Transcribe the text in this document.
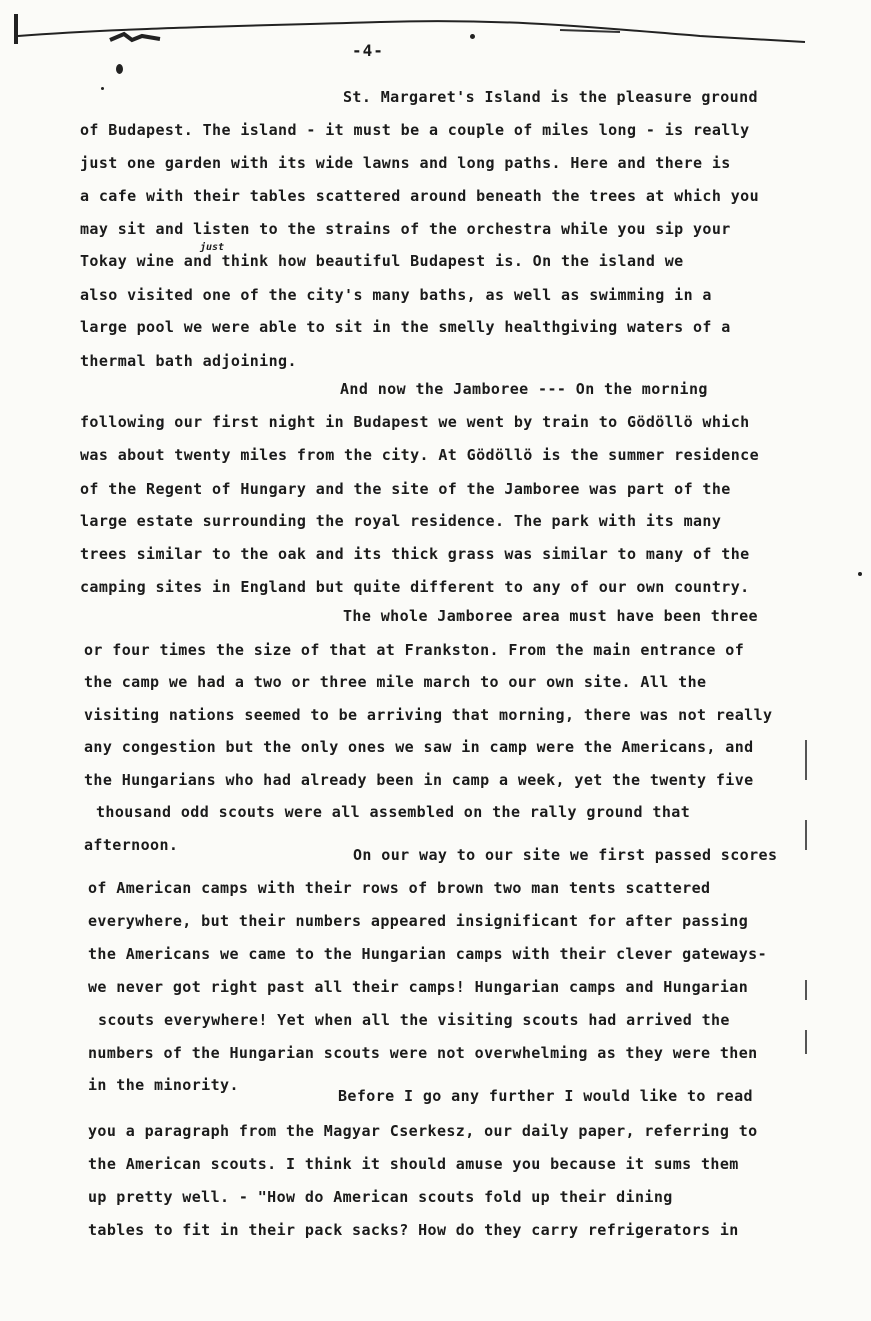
-4-
just
St. Margaret's Island is the pleasure ground
of Budapest. The island - it must be a couple of miles long - is really
just one garden with its wide lawns and long paths. Here and there is
a cafe with their tables scattered around beneath the trees at which you
may sit and listen to the strains of the orchestra while you sip your
Tokay wine and think how beautiful Budapest is. On the island we
also visited one of the city's many baths, as well as swimming in a
large pool we were able to sit in the smelly healthgiving waters of a
thermal bath adjoining.
And now the Jamboree --- On the morning
following our first night in Budapest we went by train to Gödöllö which
was about twenty miles from the city. At Gödöllö is the summer residence
of the Regent of Hungary and the site of the Jamboree was part of the
large estate surrounding the royal residence. The park with its many
trees similar to the oak and its thick grass was similar to many of the
camping sites in England but quite different to any of our own country.
The whole Jamboree area must have been three
or four times the size of that at Frankston. From the main entrance of
the camp we had a two or three mile march to our own site. All the
visiting nations seemed to be arriving that morning, there was not really
any congestion but the only ones we saw in camp were the Americans, and
the Hungarians who had already been in camp a week, yet the twenty five
thousand odd scouts were all assembled on the rally ground that
afternoon.
On our way to our site we first passed scores
of American camps with their rows of brown two man tents scattered
everywhere, but their numbers appeared insignificant for after passing
the Americans we came to the Hungarian camps with their clever gateways-
we never got right past all their camps! Hungarian camps and Hungarian
scouts everywhere! Yet when all the visiting scouts had arrived the
numbers of the Hungarian scouts were not overwhelming as they were then
in the minority.
Before I go any further I would like to read
you a paragraph from the Magyar Cserkesz, our daily paper, referring to
the American scouts. I think it should amuse you because it sums them
up pretty well. - "How do American scouts fold up their dining
tables to fit in their pack sacks? How do they carry refrigerators in
